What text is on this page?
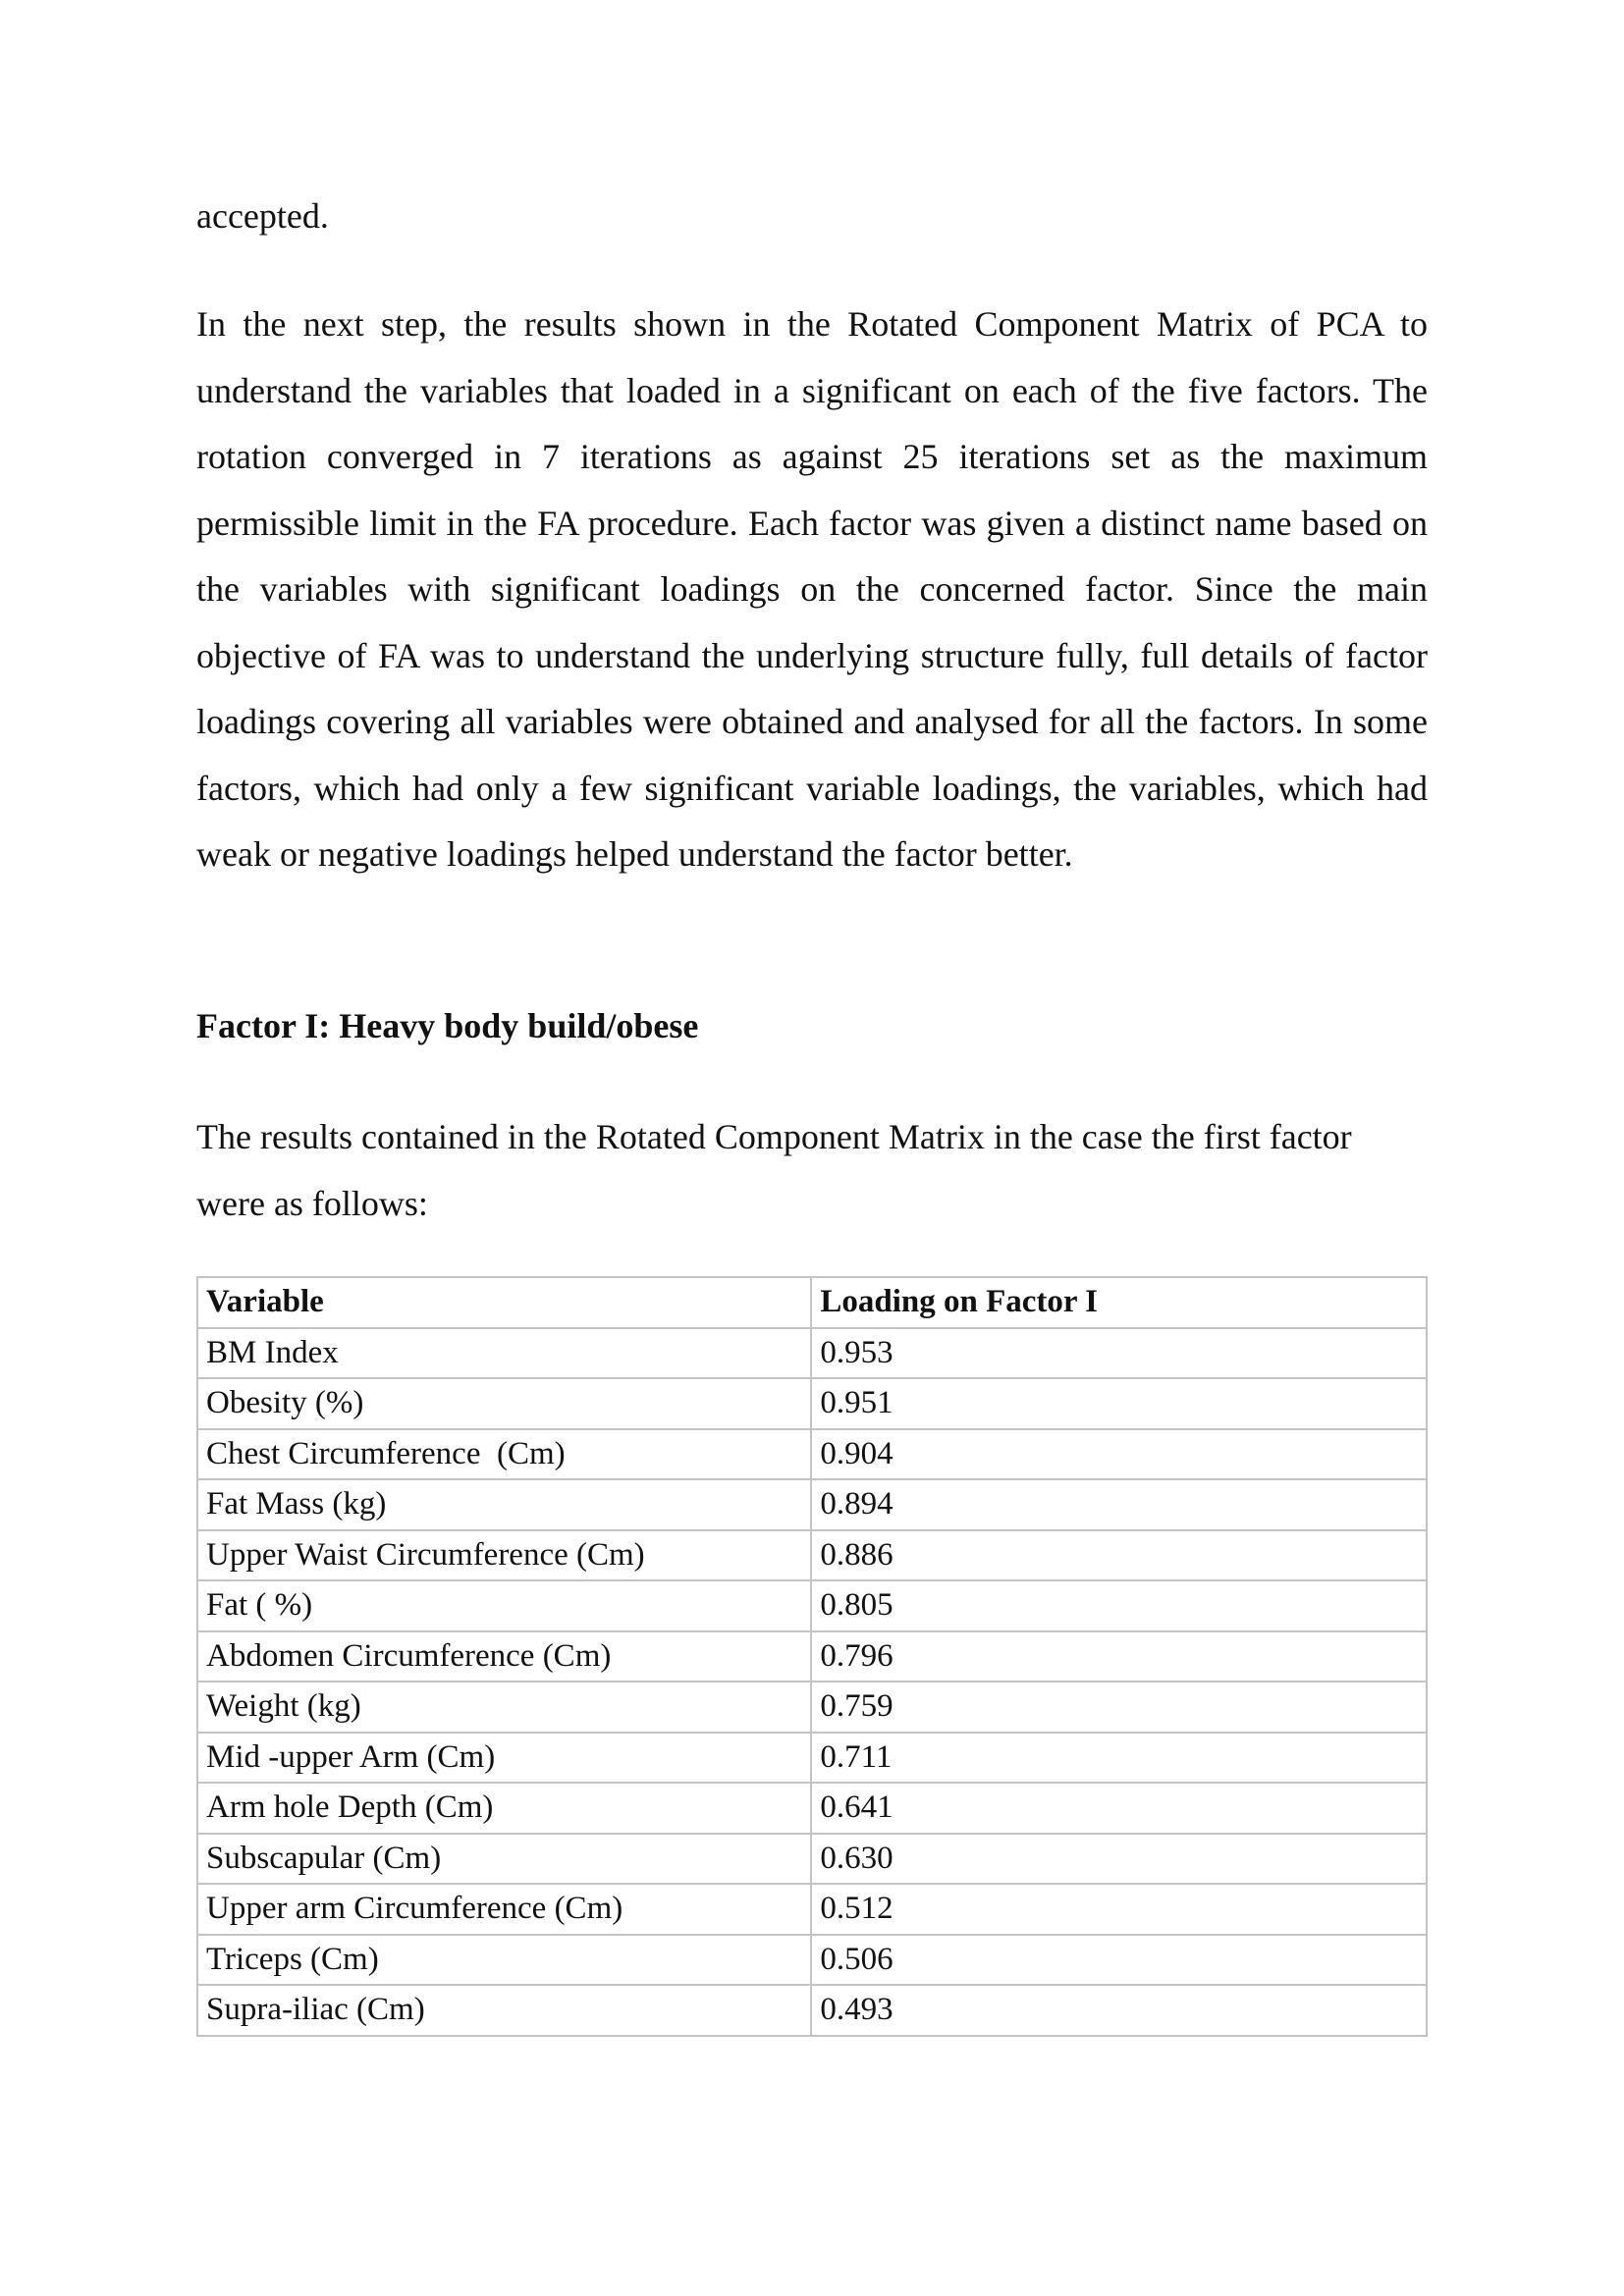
accepted.

In the next step, the results shown in the Rotated Component Matrix of PCA to understand the variables that loaded in a significant on each of the five factors. The rotation converged in 7 iterations as against 25 iterations set as the maximum permissible limit in the FA procedure. Each factor was given a distinct name based on the variables with significant loadings on the concerned factor. Since the main objective of FA was to understand the underlying structure fully, full details of factor loadings covering all variables were obtained and analysed for all the factors. In some factors, which had only a few significant variable loadings, the variables, which had weak or negative loadings helped understand the factor better.

Factor I: Heavy body build/obese

The results contained in the Rotated Component Matrix in the case the first factor were as follows:

Variable	Loading on Factor I
BM Index	0.953
Obesity (%)	0.951
Chest Circumference  (Cm)	0.904
Fat Mass (kg)	0.894
Upper Waist Circumference (Cm)	0.886
Fat ( %)	0.805
Abdomen Circumference (Cm)	0.796
Weight (kg)	0.759
Mid -upper Arm (Cm)	0.711
Arm hole Depth (Cm)	0.641
Subscapular (Cm)	0.630
Upper arm Circumference (Cm)	0.512
Triceps (Cm)	0.506
Supra-iliac (Cm)	0.493
